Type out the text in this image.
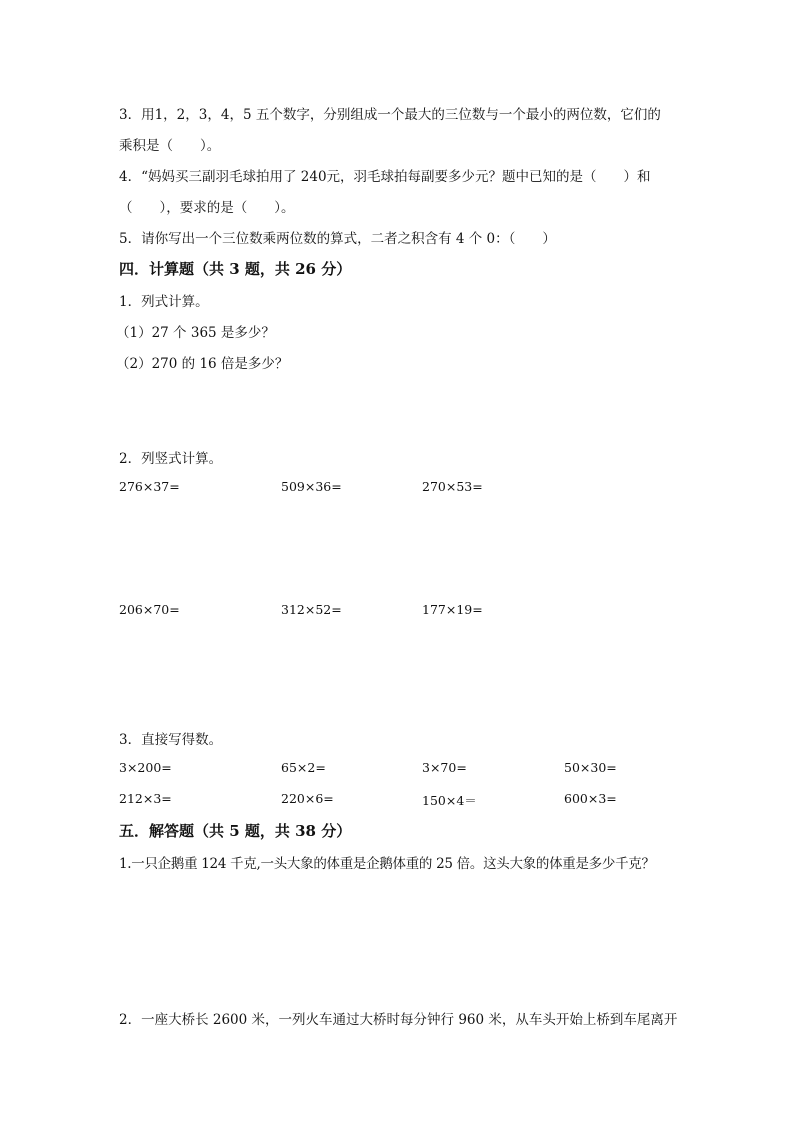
3．用1，2，3，4，5 五个数字，分别组成一个最大的三位数与一个最小的两位数，它们的
乘积是（　　）。
4．“妈妈买三副羽毛球拍用了 240元，羽毛球拍每副要多少元？题中已知的是（　　）和
（　　），要求的是（　　）。
5．请你写出一个三位数乘两位数的算式，二者之积含有 4 个 0：（　　）
四．计算题（共 3 题，共 26 分）
1．列式计算。
（1）27 个 365 是多少？
（2）270 的 16 倍是多少？
2．列竖式计算。
276×37=	509×36=	270×53=
206×70=	312×52=	177×19=
3．直接写得数。
3×200=	65×2=	3×70=	50×30=
212×3=	220×6=	150×4＝	600×3=
五．解答题（共 5 题，共 38 分）
1.一只企鹅重 124 千克,一头大象的体重是企鹅体重的 25 倍。这头大象的体重是多少千克？
2．一座大桥长 2600 米，一列火车通过大桥时每分钟行 960 米，从车头开始上桥到车尾离开
